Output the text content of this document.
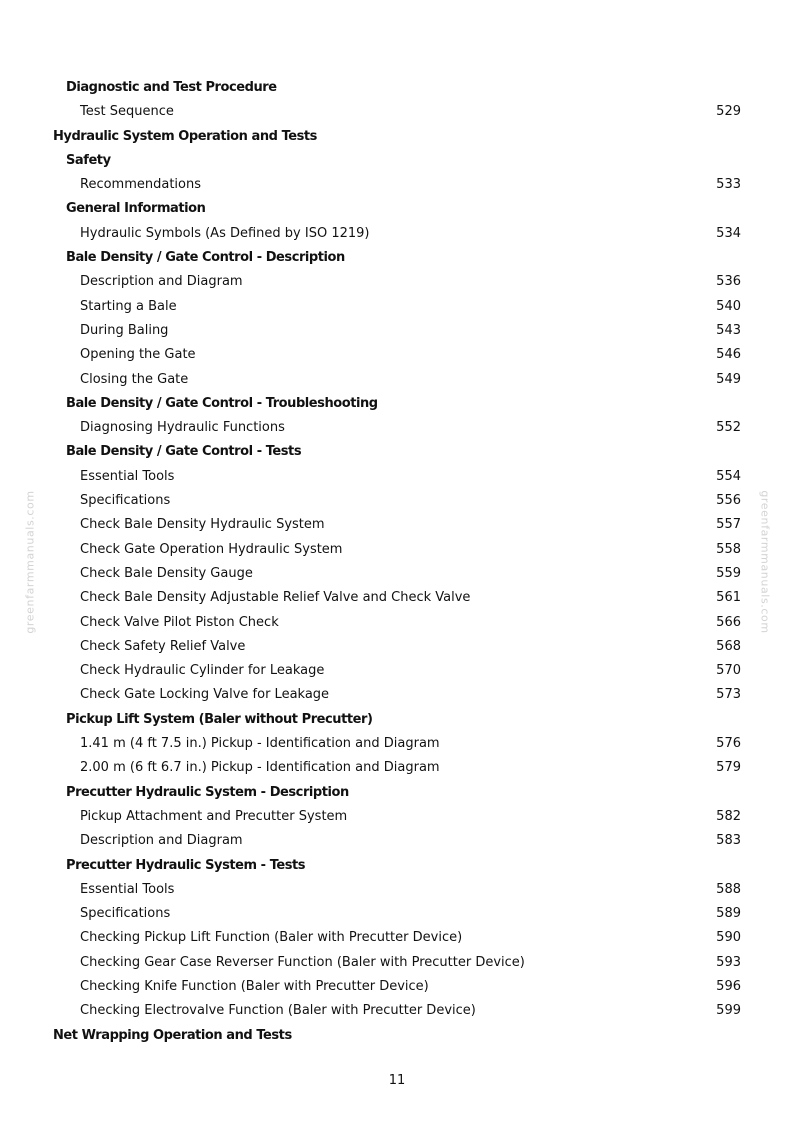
greenfarmmanuals.com	greenfarmmanuals.com
Diagnostic and Test Procedure
Test Sequence	529
Hydraulic System Operation and Tests
Safety
Recommendations	533
General Information
Hydraulic Symbols (As Defined by ISO 1219)	534
Bale Density / Gate Control - Description
Description and Diagram	536
Starting a Bale	540
During Baling	543
Opening the Gate	546
Closing the Gate	549
Bale Density / Gate Control - Troubleshooting
Diagnosing Hydraulic Functions	552
Bale Density / Gate Control - Tests
Essential Tools	554
Specifications	556
Check Bale Density Hydraulic System	557
Check Gate Operation Hydraulic System	558
Check Bale Density Gauge	559
Check Bale Density Adjustable Relief Valve and Check Valve	561
Check Valve Pilot Piston Check	566
Check Safety Relief Valve	568
Check Hydraulic Cylinder for Leakage	570
Check Gate Locking Valve for Leakage	573
Pickup Lift System (Baler without Precutter)
1.41 m (4 ft 7.5 in.) Pickup - Identification and Diagram	576
2.00 m (6 ft 6.7 in.) Pickup - Identification and Diagram	579
Precutter Hydraulic System - Description
Pickup Attachment and Precutter System	582
Description and Diagram	583
Precutter Hydraulic System - Tests
Essential Tools	588
Specifications	589
Checking Pickup Lift Function (Baler with Precutter Device)	590
Checking Gear Case Reverser Function (Baler with Precutter Device)	593
Checking Knife Function (Baler with Precutter Device)	596
Checking Electrovalve Function (Baler with Precutter Device)	599
Net Wrapping Operation and Tests
11
